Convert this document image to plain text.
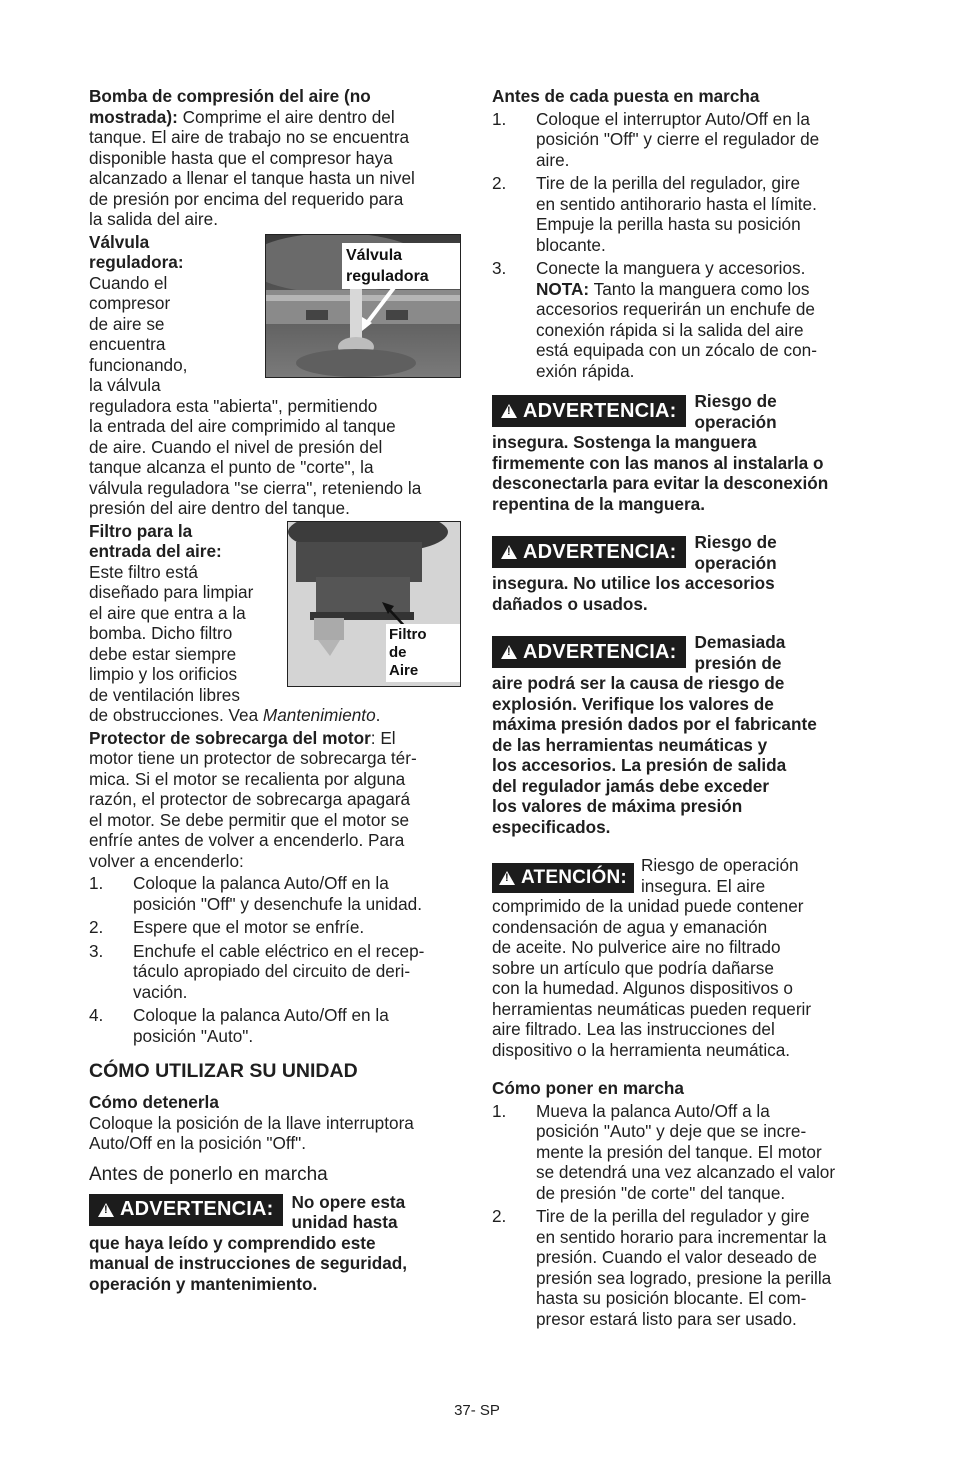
Bomba de compresión del aire (no
mostrada): Comprime el aire dentro del
tanque. El aire de trabajo no se encuentra
disponible hasta que el compresor haya
alcanzado a llenar el tanque hasta un nivel
de presión por encima del requerido para
la salida del aire.
Válvula
reguladora
Válvula
reguladora:
Cuando el
compresor
de aire se
encuentra
funcionando,
la válvula
reguladora esta "abierta", permitiendo
la entrada del aire comprimido al tanque
de aire. Cuando el nivel de presión del
tanque alcanza el punto de "corte", la
válvula reguladora "se cierra", reteniendo la
presión del aire dentro del tanque.
Filtro
de
Aire
Filtro para la
entrada del aire:
Este filtro está
diseñado para limpiar
el aire que entra a la
bomba. Dicho filtro
debe estar siempre
limpio y los orificios
de ventilación libres
de obstrucciones. Vea Mantenimiento.
Protector de sobrecarga del motor: El
motor tiene un protector de sobrecarga tér-
mica. Si el motor se recalienta por alguna
razón, el protector de sobrecarga apagará
el motor. Se debe permitir que el motor se
enfríe antes de volver a encenderlo. Para
volver a encenderlo:
1. Coloque la palanca Auto/Off en la
posición "Off" y desenchufe la unidad.
2. Espere que el motor se enfríe.
3. Enchufe el cable eléctrico en el recep-
táculo apropiado del circuito de deri-
vación.
4. Coloque la palanca Auto/Off en la
posición "Auto".
CÓMO UTILIZAR SU UNIDAD
Cómo detenerla
Coloque la posición de la llave interruptora
Auto/Off en la posición "Off".
Antes de ponerlo en marcha
!
ADVERTENCIA:	No opere esta
unidad hasta
que haya leído y comprendido este
manual de instrucciones de seguridad,
operación y mantenimiento.
Antes de cada puesta en marcha
1. Coloque el interruptor Auto/Off en la
posición "Off" y cierre el regulador de
aire.
2. Tire de la perilla del regulador, gire
en sentido antihorario hasta el límite.
Empuje la perilla hasta su posición
blocante.
3. Conecte la manguera y accesorios.
NOTA: Tanto la manguera como los
accesorios requerirán un enchufe de
conexión rápida si la salida del aire
está equipada con un zócalo de con-
exión rápida.
!
ADVERTENCIA:	Riesgo de
operación
insegura. Sostenga la manguera
firmemente con las manos al instalarla o
desconectarla para evitar la desconexión
repentina de la manguera.
!
ADVERTENCIA:	Riesgo de
operación
insegura. No utilice los accesorios
dañados o usados.
!
ADVERTENCIA:	Demasiada
presión de
aire podrá ser la causa de riesgo de
explosión. Verifique los valores de
máxima presión dados por el fabricante
de las herramientas neumáticas y
los accesorios. La presión de salida
del regulador jamás debe exceder
los valores de máxima presión
especificados.
!
ATENCIÓN:
Riesgo de operación
insegura. El aire
comprimido de la unidad puede contener
condensación de agua y emanación
de aceite. No pulverice aire no filtrado
sobre un artículo que podría dañarse
con la humedad. Algunos dispositivos o
herramientas neumáticas pueden requerir
aire filtrado. Lea las instrucciones del
dispositivo o la herramienta neumática.
Cómo poner en marcha
1. Mueva la palanca Auto/Off a la
posición "Auto" y deje que se incre-
mente la presión del tanque. El motor
se detendrá una vez alcanzado el valor
de presión "de corte" del tanque.
2. Tire de la perilla del regulador y gire
en sentido horario para incrementar la
presión. Cuando el valor deseado de
presión sea logrado, presione la perilla
hasta su posición blocante. El com-
presor estará listo para ser usado.
37- SP
